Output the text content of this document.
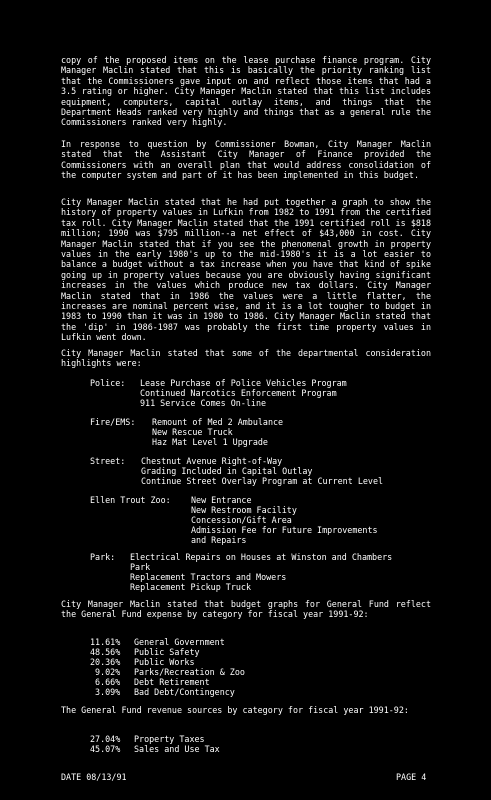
copy of the proposed items on the lease purchase finance program. City Manager Maclin stated that this is basically the priority ranking list that the Commissioners gave input on and reflect those items that had a 3.5 rating or higher. City Manager Maclin stated that this list includes equipment, computers, capital outlay items, and things that the Department Heads ranked very highly and things that as a general rule the Commissioners ranked very highly.

In response to question by Commissioner Bowman, City Manager Maclin stated that the Assistant City Manager of Finance provided the Commissioners with an overall plan that would address consolidation of the computer system and part of it has been implemented in this budget.

City Manager Maclin stated that he had put together a graph to show the history of property values in Lufkin from 1982 to 1991 from the certified tax roll. City Manager Maclin stated that the 1991 certified roll is $818 million; 1990 was $795 million--a net effect of $43,000 in cost. City Manager Maclin stated that if you see the phenomenal growth in property values in the early 1980's up to the mid-1980's it is a lot easier to balance a budget without a tax increase when you have that kind of spike going up in property values because you are obviously having significant increases in the values which produce new tax dollars. City Manager Maclin stated that in 1986 the values were a little flatter, the increases are nominal percent wise, and it is a lot tougher to budget in 1983 to 1990 than it was in 1980 to 1986. City Manager Maclin stated that the 'dip' in 1986-1987 was probably the first time property values in Lufkin went down.

City Manager Maclin stated that some of the departmental consideration highlights were:

Police: Lease Purchase of Police Vehicles Program
Continued Narcotics Enforcement Program
911 Service Comes On-line
Fire/EMS: Remount of Med 2 Ambulance
New Rescue Truck
Haz Mat Level 1 Upgrade
Street: Chestnut Avenue Right-of-Way
Grading Included in Capital Outlay
Continue Street Overlay Program at Current Level
Ellen Trout Zoo: New Entrance
New Restroom Facility
Concession/Gift Area
Admission Fee for Future Improvements
and Repairs
Park: Electrical Repairs on Houses at Winston and Chambers
Park
Replacement Tractors and Mowers
Replacement Pickup Truck

City Manager Maclin stated that budget graphs for General Fund reflect the General Fund expense by category for fiscal year 1991-92:

11.61% General Government
48.56% Public Safety
20.36% Public Works
9.02% Parks/Recreation & Zoo
6.66% Debt Retirement
3.09% Bad Debt/Contingency

The General Fund revenue sources by category for fiscal year 1991-92:

27.04% Property Taxes
45.07% Sales and Use Tax
DATE 08/13/91	PAGE 4
